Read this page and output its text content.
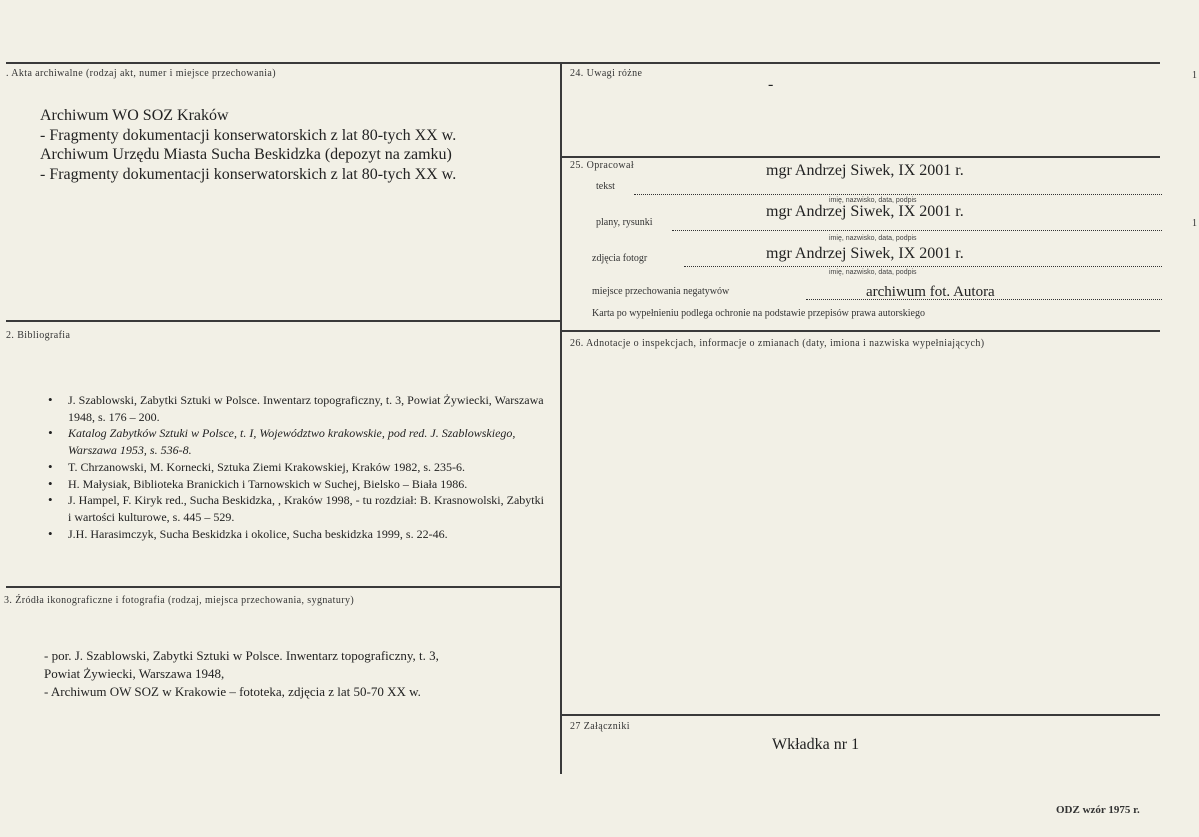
. Akta archiwalne (rodzaj akt, numer i miejsce przechowania)
Archiwum WO SOZ Kraków
- Fragmenty dokumentacji konserwatorskich z lat 80-tych XX w.
Archiwum Urzędu Miasta Sucha Beskidzka (depozyt na zamku)
- Fragmenty dokumentacji konserwatorskich z lat 80-tych XX w.
2. Bibliografia
• J. Szablowski, Zabytki Sztuki w Polsce. Inwentarz topograficzny, t. 3, Powiat Żywiecki, Warszawa 1948, s. 176 – 200.
• Katalog Zabytków Sztuki w Polsce, t. I, Województwo krakowskie, pod red. J. Szablowskiego, Warszawa 1953, s. 536-8.
• T. Chrzanowski, M. Kornecki, Sztuka Ziemi Krakowskiej, Kraków 1982, s. 235-6.
• H. Małysiak, Biblioteka Branickich i Tarnowskich w Suchej, Bielsko – Biała 1986.
• J. Hampel, F. Kiryk red., Sucha Beskidzka, , Kraków 1998, - tu rozdział: B. Krasnowolski, Zabytki i wartości kulturowe, s. 445 – 529.
• J.H. Harasimczyk, Sucha Beskidzka i okolice, Sucha beskidzka 1999, s. 22-46.
3. Źródła ikonograficzne i fotografia (rodzaj, miejsca przechowania, sygnatury)
- por. J. Szablowski, Zabytki Sztuki w Polsce. Inwentarz topograficzny, t. 3,
Powiat Żywiecki, Warszawa 1948,
- Archiwum OW SOZ w Krakowie – fototeka, zdjęcia z lat 50-70 XX w.
24. Uwagi różne
-
25. Opracował
tekst
mgr Andrzej Siwek, IX 2001 r.
imię, nazwisko, data, podpis
plany, rysunki
mgr Andrzej Siwek, IX 2001 r.
imię, nazwisko, data, podpis
zdjęcia fotogr	mgr Andrzej Siwek, IX 2001 r.
imię, nazwisko, data, podpis
miejsce przechowania negatywów	archiwum fot. Autora
Karta po wypełnieniu podlega ochronie na podstawie przepisów prawa autorskiego
26. Adnotacje o inspekcjach, informacje o zmianach (daty, imiona i nazwiska wypełniających)
27 Załączniki
Wkładka nr 1
ODZ wzór 1975 r.
1
1
